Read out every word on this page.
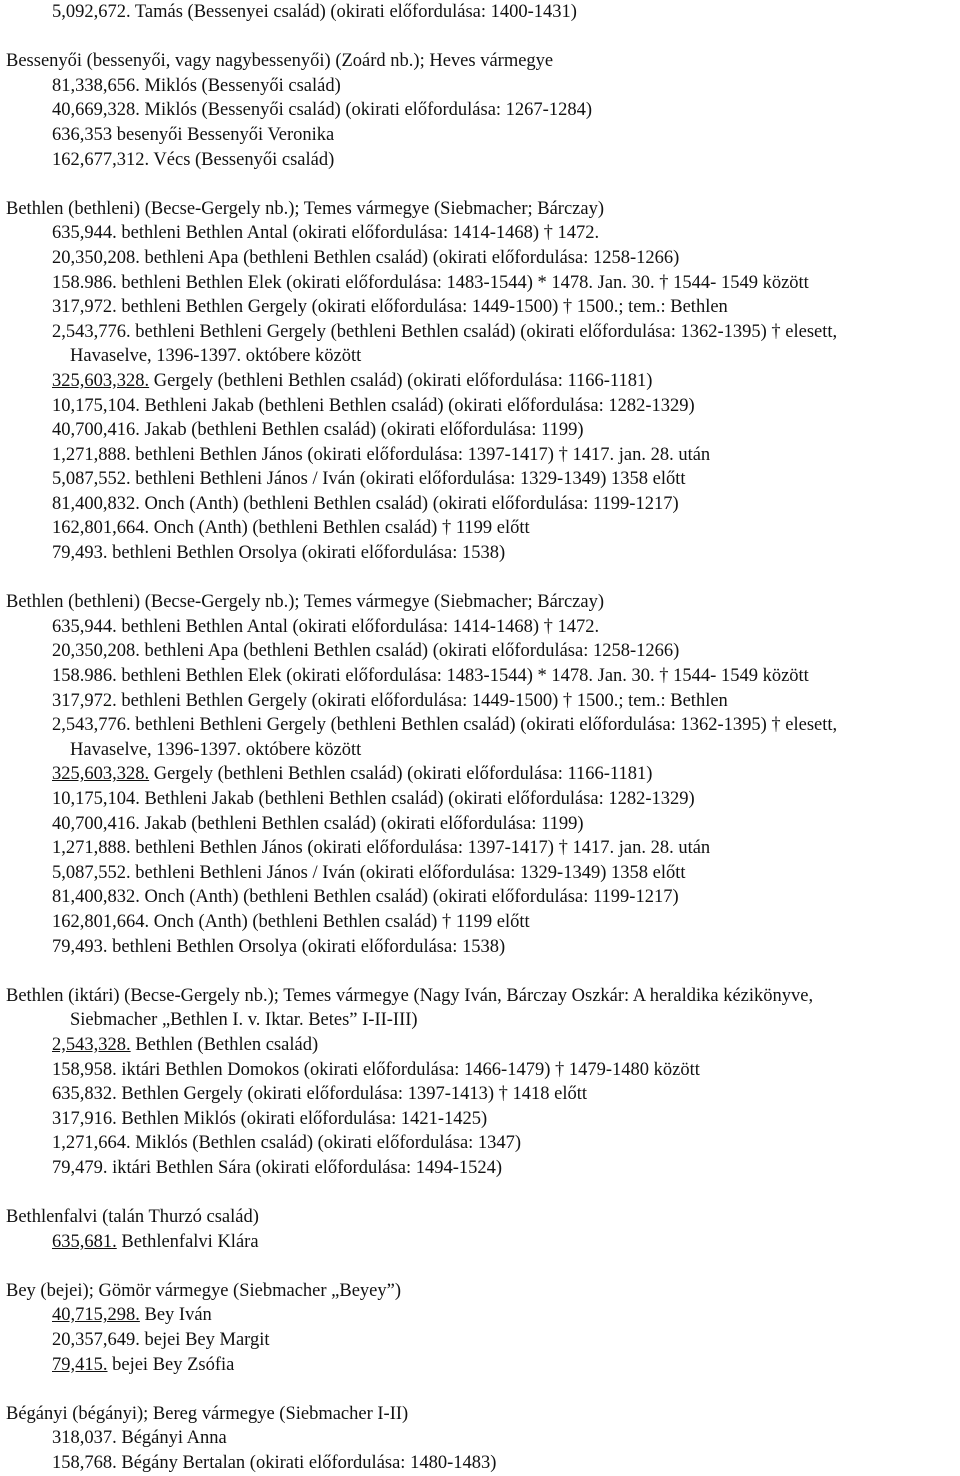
5,092,672. Tamás (Bessenyei család) (okirati előfordulása: 1400-1431)
Bessenyői (bessenyői, vagy nagybessenyői) (Zoárd nb.); Heves vármegye
81,338,656. Miklós (Bessenyői család)
40,669,328. Miklós (Bessenyői család) (okirati előfordulása: 1267-1284)
636,353 besenyői Bessenyői Veronika
162,677,312. Vécs (Bessenyői család)
Bethlen (bethleni) (Becse-Gergely nb.); Temes vármegye (Siebmacher; Bárczay)
635,944. bethleni Bethlen Antal (okirati előfordulása: 1414-1468) † 1472.
20,350,208. bethleni Apa (bethleni Bethlen család) (okirati előfordulása: 1258-1266)
158.986. bethleni Bethlen Elek (okirati előfordulása: 1483-1544) * 1478. Jan. 30. † 1544- 1549 között
317,972. bethleni Bethlen Gergely (okirati előfordulása: 1449-1500) † 1500.; tem.: Bethlen
2,543,776. bethleni Bethleni Gergely (bethleni Bethlen család) (okirati előfordulása: 1362-1395) † elesett,
Havaselve, 1396-1397. októbere között
325,603,328. Gergely (bethleni Bethlen család) (okirati előfordulása: 1166-1181)
10,175,104. Bethleni Jakab (bethleni Bethlen család) (okirati előfordulása: 1282-1329)
40,700,416. Jakab (bethleni Bethlen család) (okirati előfordulása: 1199)
1,271,888. bethleni Bethlen János (okirati előfordulása: 1397-1417) † 1417. jan. 28. után
5,087,552. bethleni Bethleni János / Iván (okirati előfordulása: 1329-1349) 1358 előtt
81,400,832. Onch (Anth) (bethleni Bethlen család) (okirati előfordulása: 1199-1217)
162,801,664. Onch (Anth) (bethleni Bethlen család) † 1199 előtt
79,493. bethleni Bethlen Orsolya (okirati előfordulása: 1538)
Bethlen (bethleni) (Becse-Gergely nb.); Temes vármegye (Siebmacher; Bárczay)
635,944. bethleni Bethlen Antal (okirati előfordulása: 1414-1468) † 1472.
20,350,208. bethleni Apa (bethleni Bethlen család) (okirati előfordulása: 1258-1266)
158.986. bethleni Bethlen Elek (okirati előfordulása: 1483-1544) * 1478. Jan. 30. † 1544- 1549 között
317,972. bethleni Bethlen Gergely (okirati előfordulása: 1449-1500) † 1500.; tem.: Bethlen
2,543,776. bethleni Bethleni Gergely (bethleni Bethlen család) (okirati előfordulása: 1362-1395) † elesett,
Havaselve, 1396-1397. októbere között
325,603,328. Gergely (bethleni Bethlen család) (okirati előfordulása: 1166-1181)
10,175,104. Bethleni Jakab (bethleni Bethlen család) (okirati előfordulása: 1282-1329)
40,700,416. Jakab (bethleni Bethlen család) (okirati előfordulása: 1199)
1,271,888. bethleni Bethlen János (okirati előfordulása: 1397-1417) † 1417. jan. 28. után
5,087,552. bethleni Bethleni János / Iván (okirati előfordulása: 1329-1349) 1358 előtt
81,400,832. Onch (Anth) (bethleni Bethlen család) (okirati előfordulása: 1199-1217)
162,801,664. Onch (Anth) (bethleni Bethlen család) † 1199 előtt
79,493. bethleni Bethlen Orsolya (okirati előfordulása: 1538)
Bethlen (iktári) (Becse-Gergely nb.); Temes vármegye (Nagy Iván, Bárczay Oszkár: A heraldika kézikönyve,
Siebmacher „Bethlen I. v. Iktar. Betes” I-II-III)
2,543,328. Bethlen (Bethlen család)
158,958. iktári Bethlen Domokos (okirati előfordulása: 1466-1479) † 1479-1480 között
635,832. Bethlen Gergely (okirati előfordulása: 1397-1413) † 1418 előtt
317,916. Bethlen Miklós (okirati előfordulása: 1421-1425)
1,271,664. Miklós (Bethlen család) (okirati előfordulása: 1347)
79,479. iktári Bethlen Sára (okirati előfordulása: 1494-1524)
Bethlenfalvi (talán Thurzó család)
635,681. Bethlenfalvi Klára
Bey (bejei); Gömör vármegye (Siebmacher „Beyey”)
40,715,298. Bey Iván
20,357,649. bejei Bey Margit
79,415. bejei Bey Zsófia
Bégányi (bégányi); Bereg vármegye (Siebmacher I-II)
318,037. Bégányi Anna
158,768. Bégány Bertalan (okirati előfordulása: 1480-1483)
